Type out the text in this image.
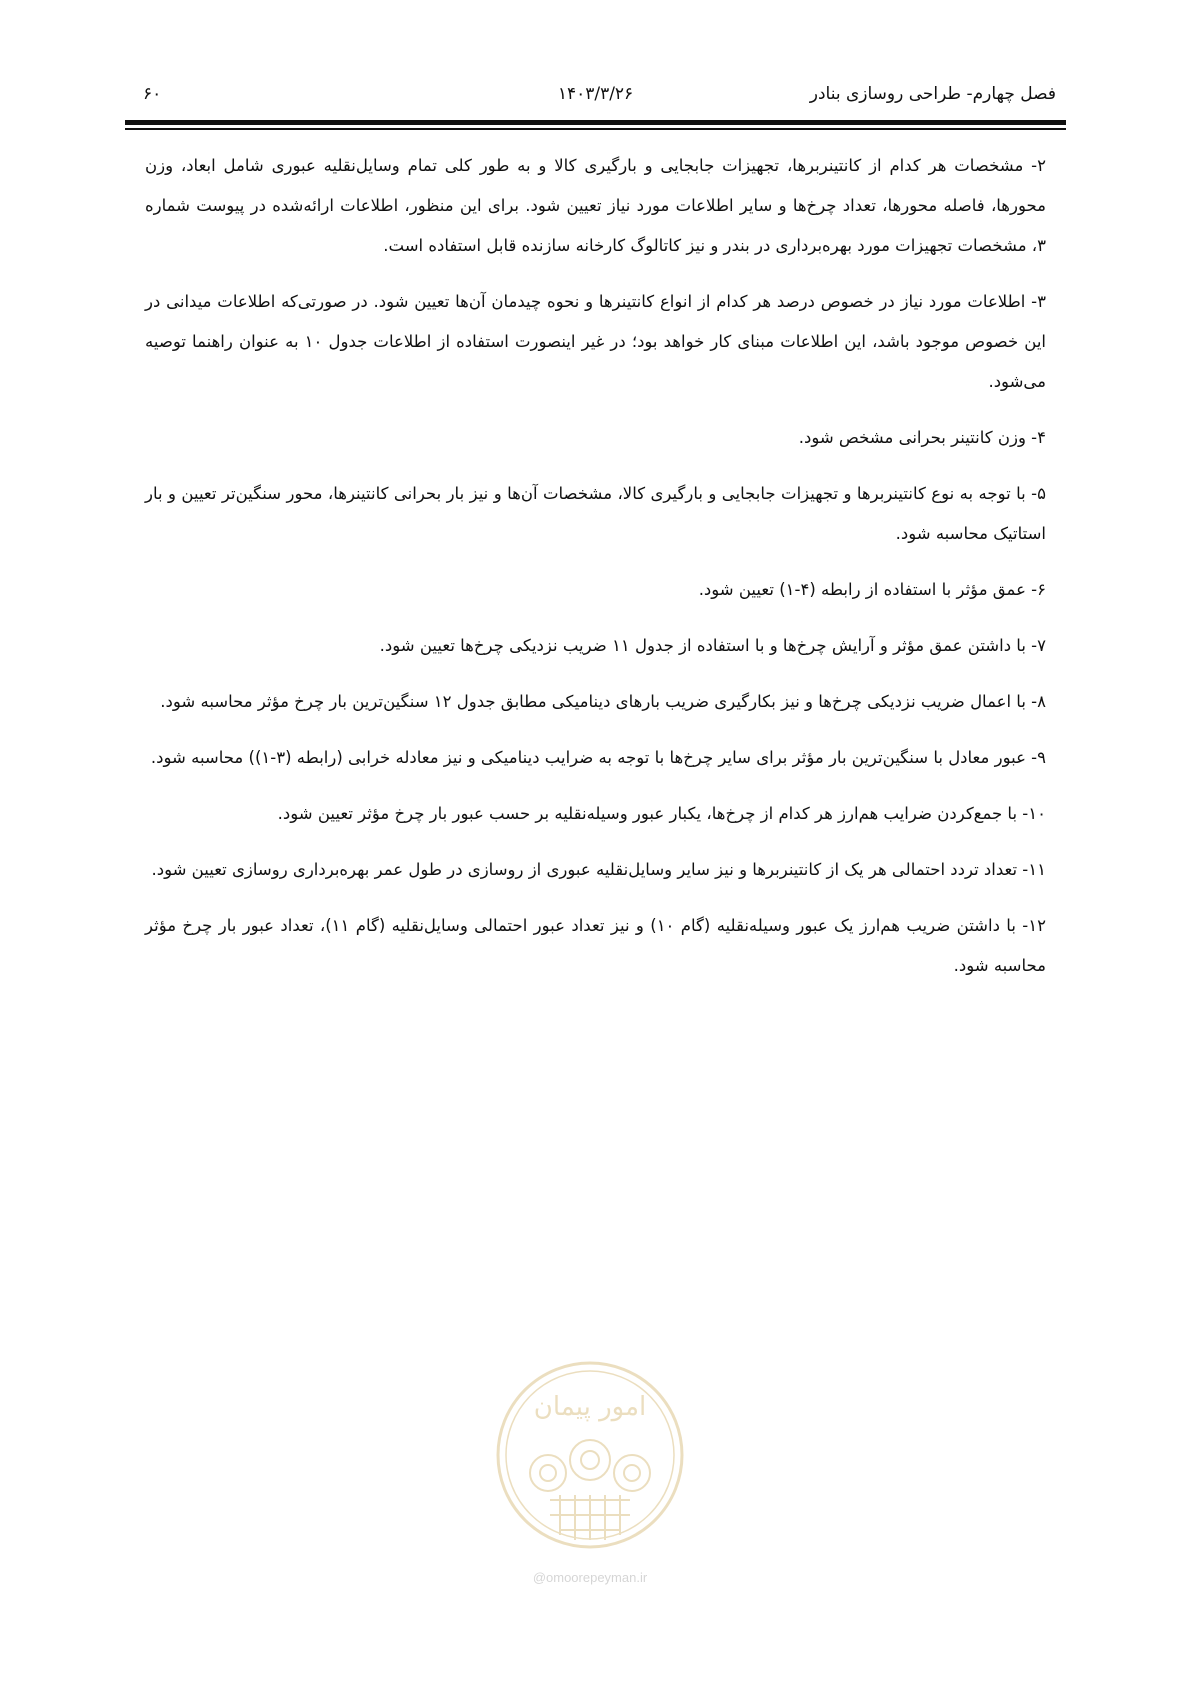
فصل چهارم- طراحی روسازی بنادر
۱۴۰۳/۳/۲۶
۶۰

۲- مشخصات هر کدام از کانتینربرها، تجهیزات جابجایی و بارگیری کالا و به طور کلی تمام وسایل‌نقلیه عبوری شامل ابعاد، وزن محورها، فاصله محورها، تعداد چرخ‌ها و سایر اطلاعات مورد نیاز تعیین شود. برای این منظور، اطلاعات ارائه‌شده در پیوست شماره ۳، مشخصات تجهیزات مورد بهره‌برداری در بندر و نیز کاتالوگ کارخانه سازنده قابل استفاده است.

۳- اطلاعات مورد نیاز در خصوص درصد هر کدام از انواع کانتینرها و نحوه چیدمان آن‌ها تعیین شود. در صورتی‌که اطلاعات میدانی در این خصوص موجود باشد، این اطلاعات مبنای کار خواهد بود؛ در غیر اینصورت استفاده از اطلاعات جدول ۱۰ به عنوان راهنما توصیه می‌شود.

۴- وزن کانتینر بحرانی مشخص شود.

۵- با توجه به نوع کانتینربرها و تجهیزات جابجایی و بارگیری کالا، مشخصات آن‌ها و نیز بار بحرانی کانتینرها، محور سنگین‌تر تعیین و بار استاتیک محاسبه شود.

۶- عمق مؤثر با استفاده از رابطه (۴-۱) تعیین شود.

۷- با داشتن عمق مؤثر و آرایش چرخ‌ها و با استفاده از جدول ۱۱ ضریب نزدیکی چرخ‌ها تعیین شود.

۸- با اعمال ضریب نزدیکی چرخ‌ها و نیز بکارگیری ضریب بارهای دینامیکی مطابق جدول ۱۲ سنگین‌ترین بار چرخ مؤثر محاسبه شود.

۹- عبور معادل با سنگین‌ترین بار مؤثر برای سایر چرخ‌ها با توجه به ضرایب دینامیکی و نیز معادله خرابی (رابطه (۳-۱)) محاسبه شود.

۱۰- با جمع‌کردن ضرایب هم‌ارز هر کدام از چرخ‌ها، یکبار عبور وسیله‌نقلیه بر حسب عبور بار چرخ مؤثر تعیین شود.

۱۱- تعداد تردد احتمالی هر یک از کانتینربرها و نیز سایر وسایل‌نقلیه عبوری از روسازی در طول عمر بهره‌برداری روسازی تعیین شود.

۱۲- با داشتن ضریب هم‌ارز یک عبور وسیله‌نقلیه (گام ۱۰) و نیز تعداد عبور احتمالی وسایل‌نقلیه (گام ۱۱)، تعداد عبور بار چرخ مؤثر محاسبه شود.

امور پیمان
@omoorepeyman.ir
